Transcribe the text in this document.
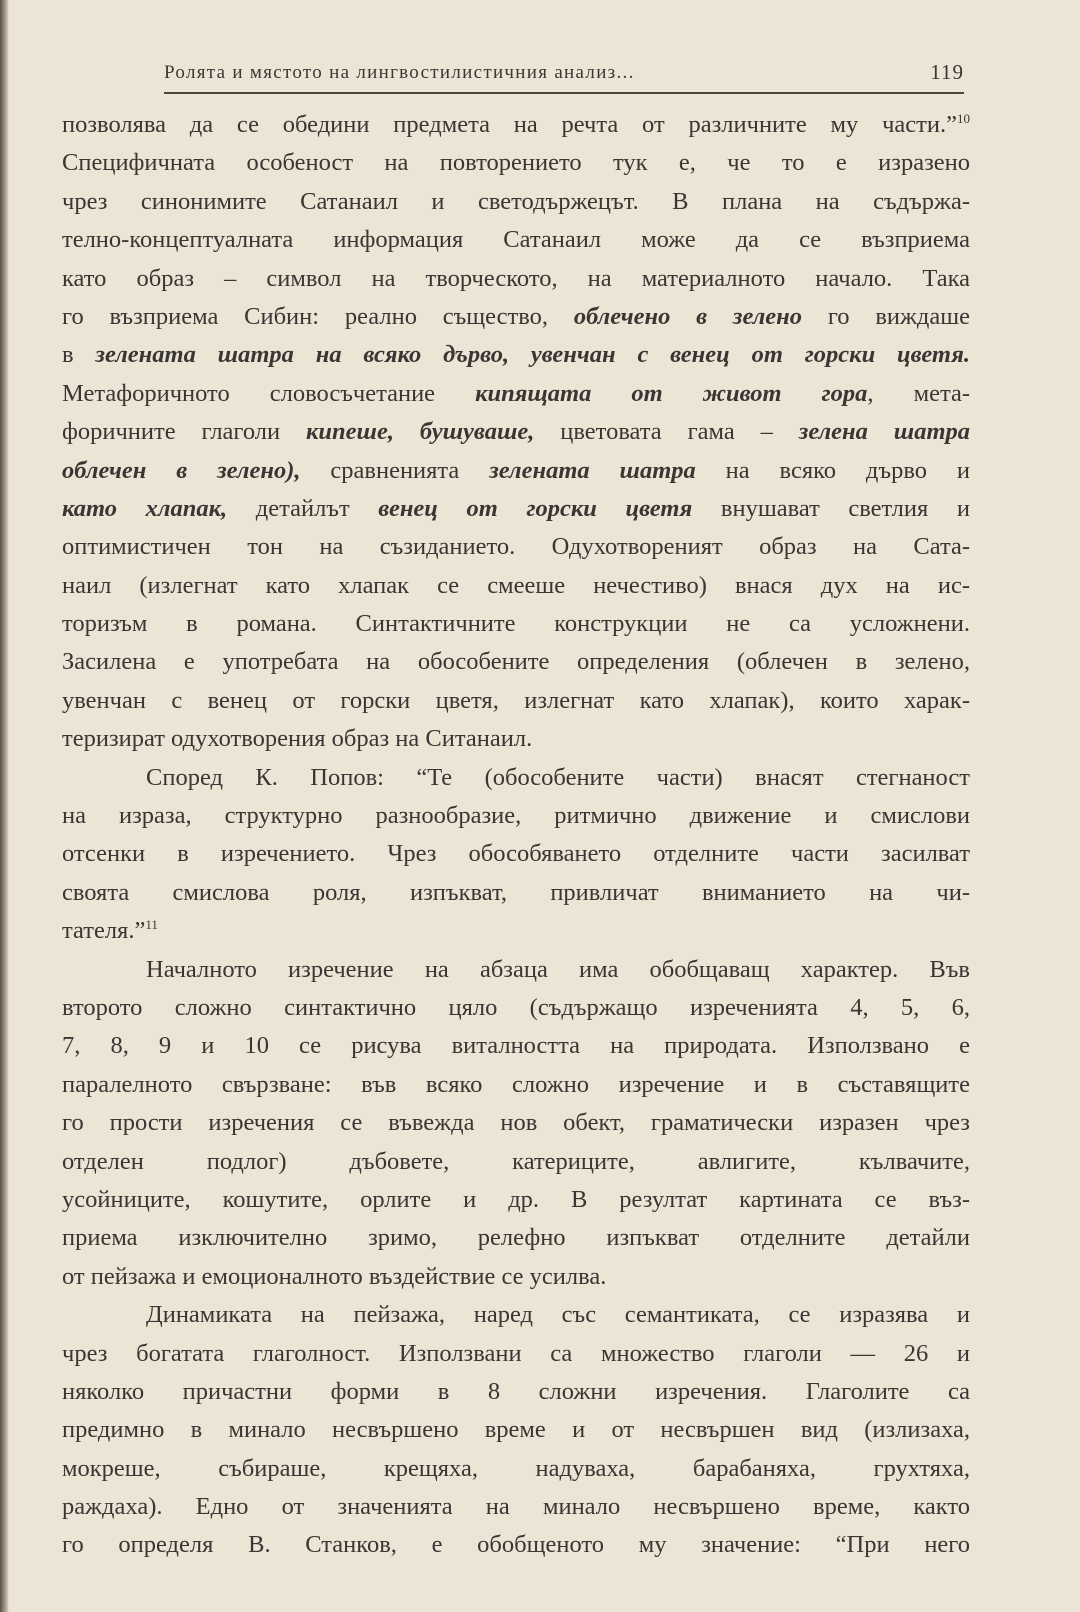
Ролята и мястото на лингвостилистичния анализ...	119
позволява да се обедини предмета на речта от различните му части.”$^{10}$
Специфичната особеност на повторението тук е, че то е изразено
чрез синонимите Сатанаил и светодържецът. В плана на съдържа-
телно-концептуалната информация Сатанаил може да се възприема
като образ – символ на творческото, на материалното начало. Така
го възприема Сибин: реално същество, облечено в зелено го виждаше
в зелената шатра на всяко дърво, увенчан с венец от горски цветя.
Метафоричното словосъчетание кипящата от живот гора, мета-
форичните глаголи кипеше, бушуваше, цветовата гама – зелена шатра
облечен в зелено), сравненията зелената шатра на всяко дърво и
като хлапак, детайлът венец от горски цветя внушават светлия и
оптимистичен тон на съзиданието. Одухотвореният образ на Сата-
наил (излегнат като хлапак се смееше нечестиво) внася дух на ис-
торизъм в романа. Синтактичните конструкции не са усложнени.
Засилена е употребата на обособените определения (облечен в зелено,
увенчан с венец от горски цветя, излегнат като хлапак), които харак-
теризират одухотворения образ на Ситанаил.
Според К. Попов: “Те (обособените части) внасят стегнаност
на израза, структурно разнообразие, ритмично движение и смислови
отсенки в изречението. Чрез обособяването отделните части засилват
своята смислова роля, изпъкват, привличат вниманието на чи-
тателя.”$^{11}$
Началното изречение на абзаца има обобщаващ характер. Във
второто сложно синтактично цяло (съдържащо изреченията 4, 5, 6,
7, 8, 9 и 10 се рисува виталността на природата. Използвано е
паралелното свързване: във всяко сложно изречение и в съставящите
го прости изречения се въвежда нов обект, граматически изразен чрез
отделен подлог) дъбовете, катериците, авлигите, кълвачите,
усойниците, кошутите, орлите и др. В резултат картината се въз-
приема изключително зримо, релефно изпъкват отделните детайли
от пейзажа и емоционалното въздействие се усилва.
Динамиката на пейзажа, наред със семантиката, се изразява и
чрез богатата глаголност. Използвани са множество глаголи — 26 и
няколко причастни форми в 8 сложни изречения. Глаголите са
предимно в минало несвършено време и от несвършен вид (излизаха,
мокреше, събираше, крещяха, надуваха, барабаняха, грухтяха,
раждаха). Едно от значенията на минало несвършено време, както
го определя В. Станков, е обобщеното му значение: “При него
